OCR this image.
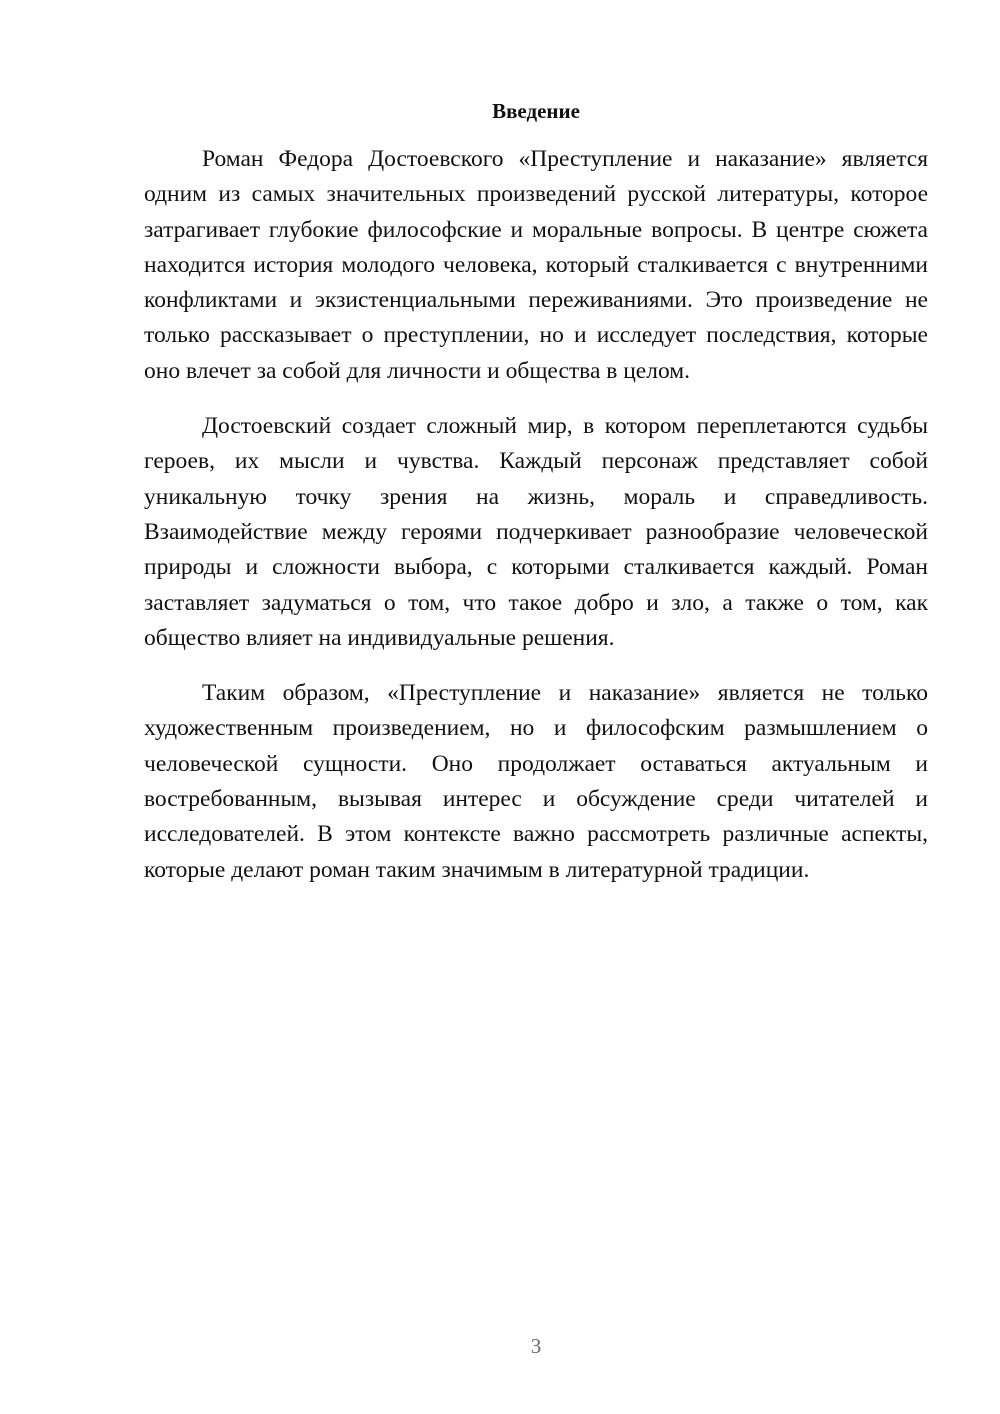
Введение

Роман Федора Достоевского «Преступление и наказание» является одним из самых значительных произведений русской литературы, которое затрагивает глубокие философские и моральные вопросы. В центре сюжета находится история молодого человека, который сталкивается с внутренними конфликтами и экзистенциальными переживаниями. Это произведение не только рассказывает о преступлении, но и исследует последствия, которые оно влечет за собой для личности и общества в целом.

Достоевский создает сложный мир, в котором переплетаются судьбы героев, их мысли и чувства. Каждый персонаж представляет собой уникальную точку зрения на жизнь, мораль и справедливость. Взаимодействие между героями подчеркивает разнообразие человеческой природы и сложности выбора, с которыми сталкивается каждый. Роман заставляет задуматься о том, что такое добро и зло, а также о том, как общество влияет на индивидуальные решения.

Таким образом, «Преступление и наказание» является не только художественным произведением, но и философским размышлением о человеческой сущности. Оно продолжает оставаться актуальным и востребованным, вызывая интерес и обсуждение среди читателей и исследователей. В этом контексте важно рассмотреть различные аспекты, которые делают роман таким значимым в литературной традиции.

3
